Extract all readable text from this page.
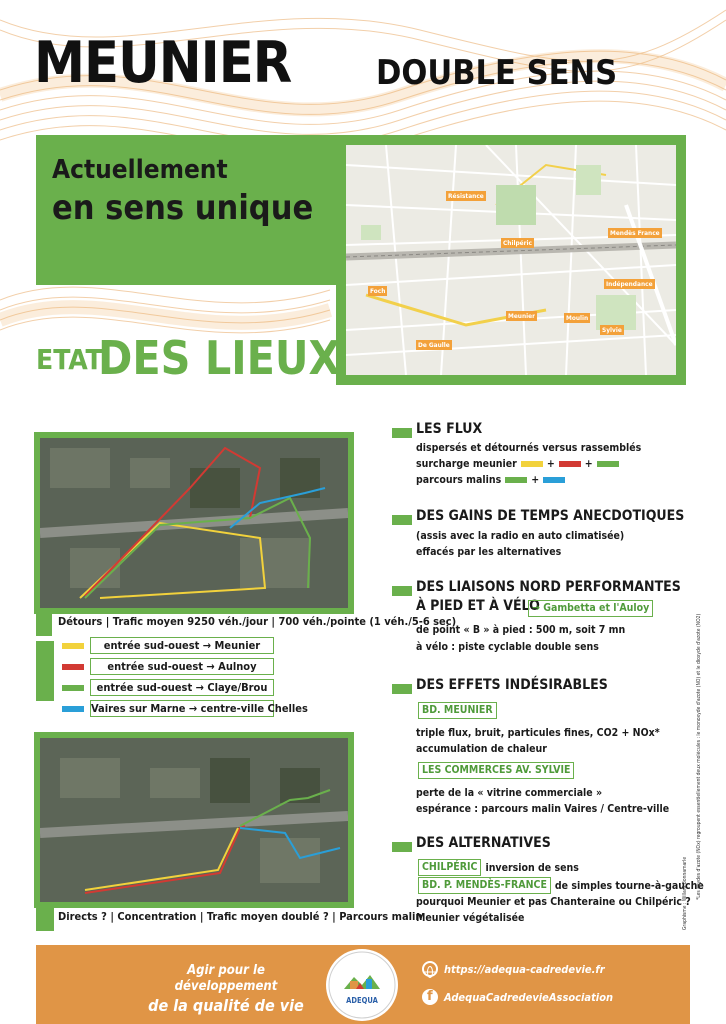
MEUNIER DOUBLE SENS
Actuellement
en sens unique	Résistance
Chilpéric
Mendès France
Foch
Indépendance
Meunier	Moulin
Sylvie
De Gaulle
ETAT
DES LIEUX
Détours | Trafic moyen 9250 véh./jour | 700 véh./pointe (1 véh./5-6 sec)
entrée sud-ouest → Meunier
entrée sud-ouest → Aulnoy
entrée sud-ouest → Claye/Brou
Vaires sur Marne → centre-ville Chelles
Directs ? | Concentration | Trafic moyen doublé ? | Parcours malin
LES FLUX
dispersés et détournés versus rassemblés
surcharge meunier	+	+
parcours malins	+
DES GAINS DE TEMPS ANECDOTIQUES
(assis avec la radio en auto climatisée)
effacés par les alternatives
DES LIAISONS NORD PERFORMANTES
À PIED ET À VÉLO
→ Gambetta et l'Auloy
de point « B » à pied : 500 m, soit 7 mn
à vélo : piste cyclable double sens
DES EFFETS INDÉSIRABLES
BD. MEUNIER
triple flux, bruit, particules fines, CO2 + NOx*
accumulation de chaleur
LES COMMERCES AV. SYLVIE
perte de la « vitrine commerciale »
espérance : parcours malin Vaires / Centre-ville
DES ALTERNATIVES
CHILPÉRIC inversion de sens
BD. P. MENDÈS-FRANCE de simples tourne-à-gauche
pourquoi Meunier et pas Chanteraine ou Chilpéric ?
Meunier végétalisée
*Les oxydes d'azote (NOx) regroupent essentiellement deux molécules : le monoxyde d'azote (NO) et le dioxyde d'azote (NO2)
Graphisme : Willard Bonnamarle
Agir pour le développement
de la qualité de vie	ADEQUA
https://adequa-cadredevie.fr
f AdequaCadredevieAssociation
